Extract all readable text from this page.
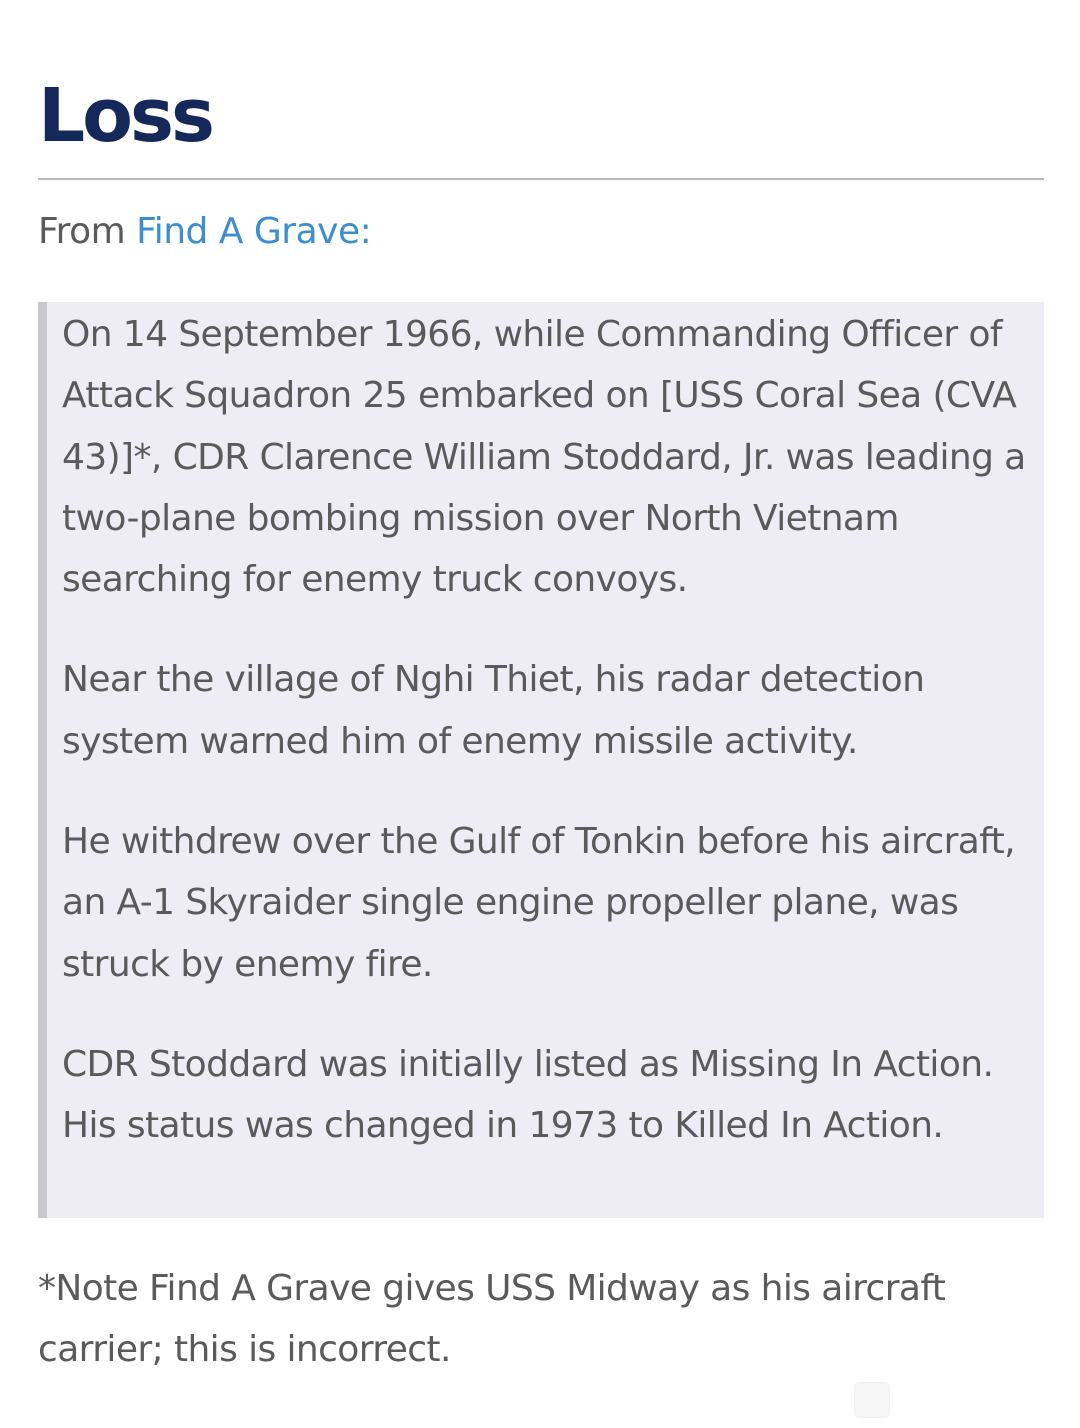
Loss

From Find A Grave:

On 14 September 1966, while Commanding Officer of Attack Squadron 25 embarked on [USS Coral Sea (CVA 43)]*, CDR Clarence William Stoddard, Jr. was leading a two-plane bombing mission over North Vietnam searching for enemy truck convoys.

Near the village of Nghi Thiet, his radar detection system warned him of enemy missile activity.

He withdrew over the Gulf of Tonkin before his aircraft, an A-1 Skyraider single engine propeller plane, was struck by enemy fire.

CDR Stoddard was initially listed as Missing In Action. His status was changed in 1973 to Killed In Action.

*Note Find A Grave gives USS Midway as his aircraft carrier; this is incorrect.
